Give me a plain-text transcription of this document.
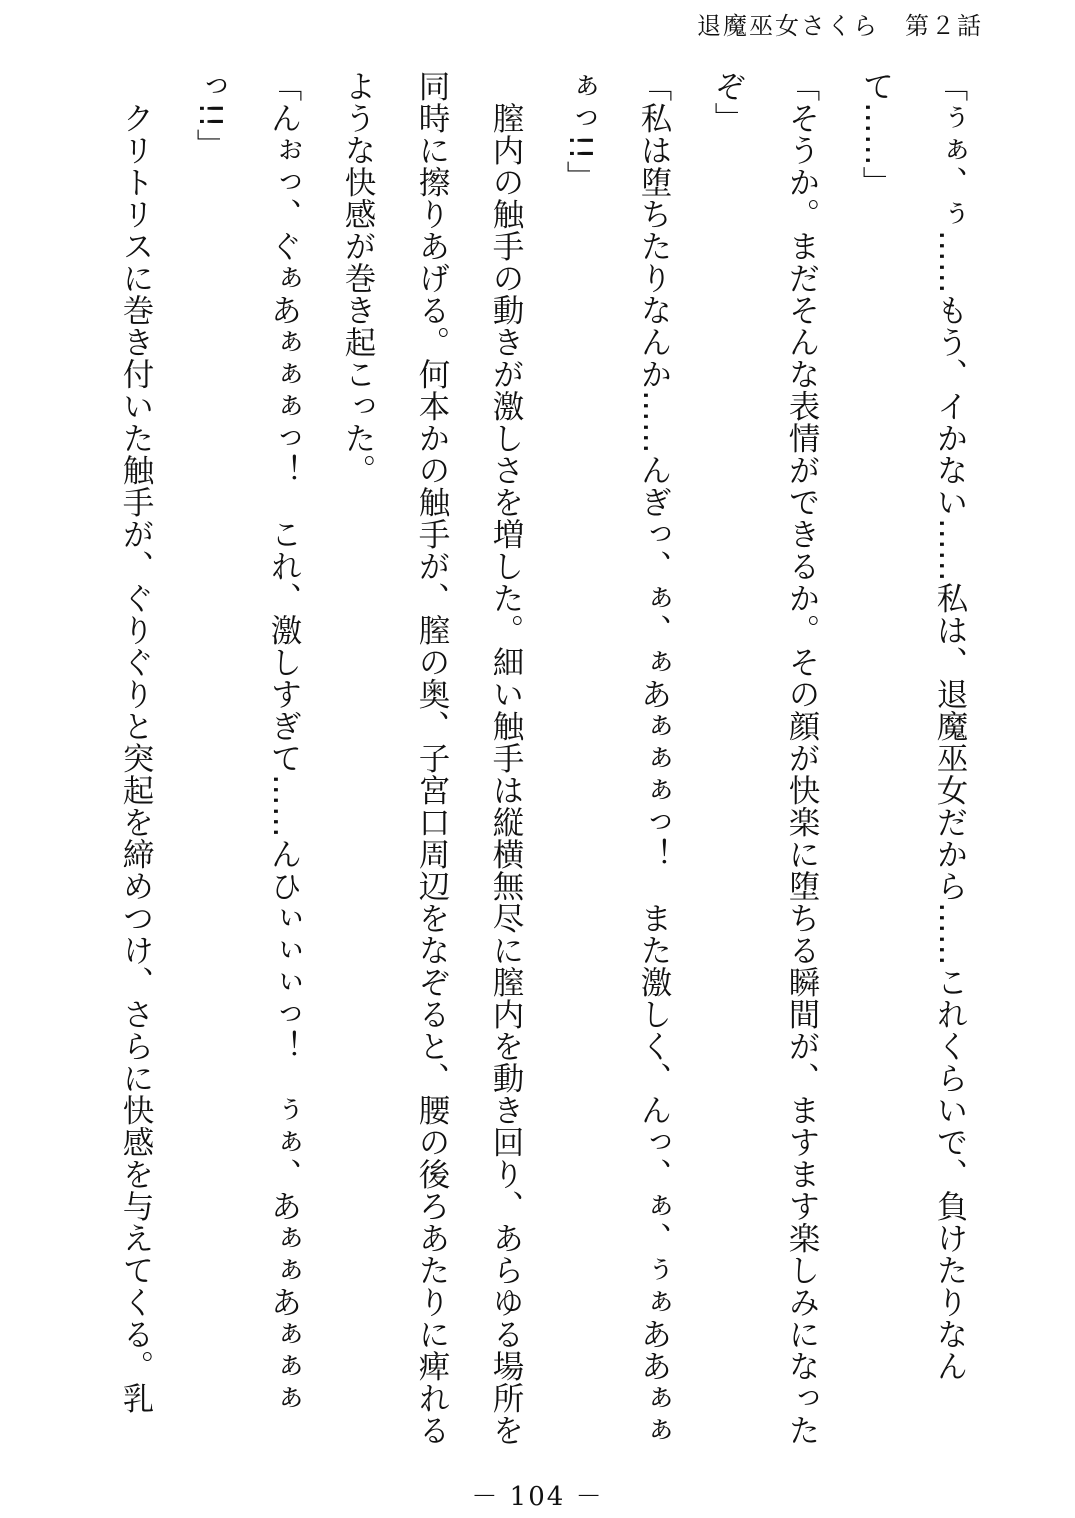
退魔巫女さくら　第２話

「ぅぁ、ぅ……もう、イかない……私は、退魔巫女だから……これくらいで、負けたりなんて……」

「そうか。まだそんな表情ができるか。その顔が快楽に堕ちる瞬間が、ますます楽しみになったぞ」

「私は堕ちたりなんか……んぎっ、ぁ、ぁあぁぁぁっ！　また激しく、んっ、ぁ、ぅぁああぁぁぁっ!!」

膣内の触手の動きが激しさを増した。細い触手は縦横無尽に膣内を動き回り、あらゆる場所を同時に擦りあげる。何本かの触手が、膣の奥、子宮口周辺をなぞると、腰の後ろあたりに痺れるような快感が巻き起こった。

「んぉっ、ぐぁあぁぁぁっ！　これ、激しすぎて……んひぃぃぃっ！　ぅぁ、あぁぁあぁぁぁっ!!」

クリトリスに巻き付いた触手が、ぐりぐりと突起を締めつけ、さらに快感を与えてくる。乳

－ 104 －
